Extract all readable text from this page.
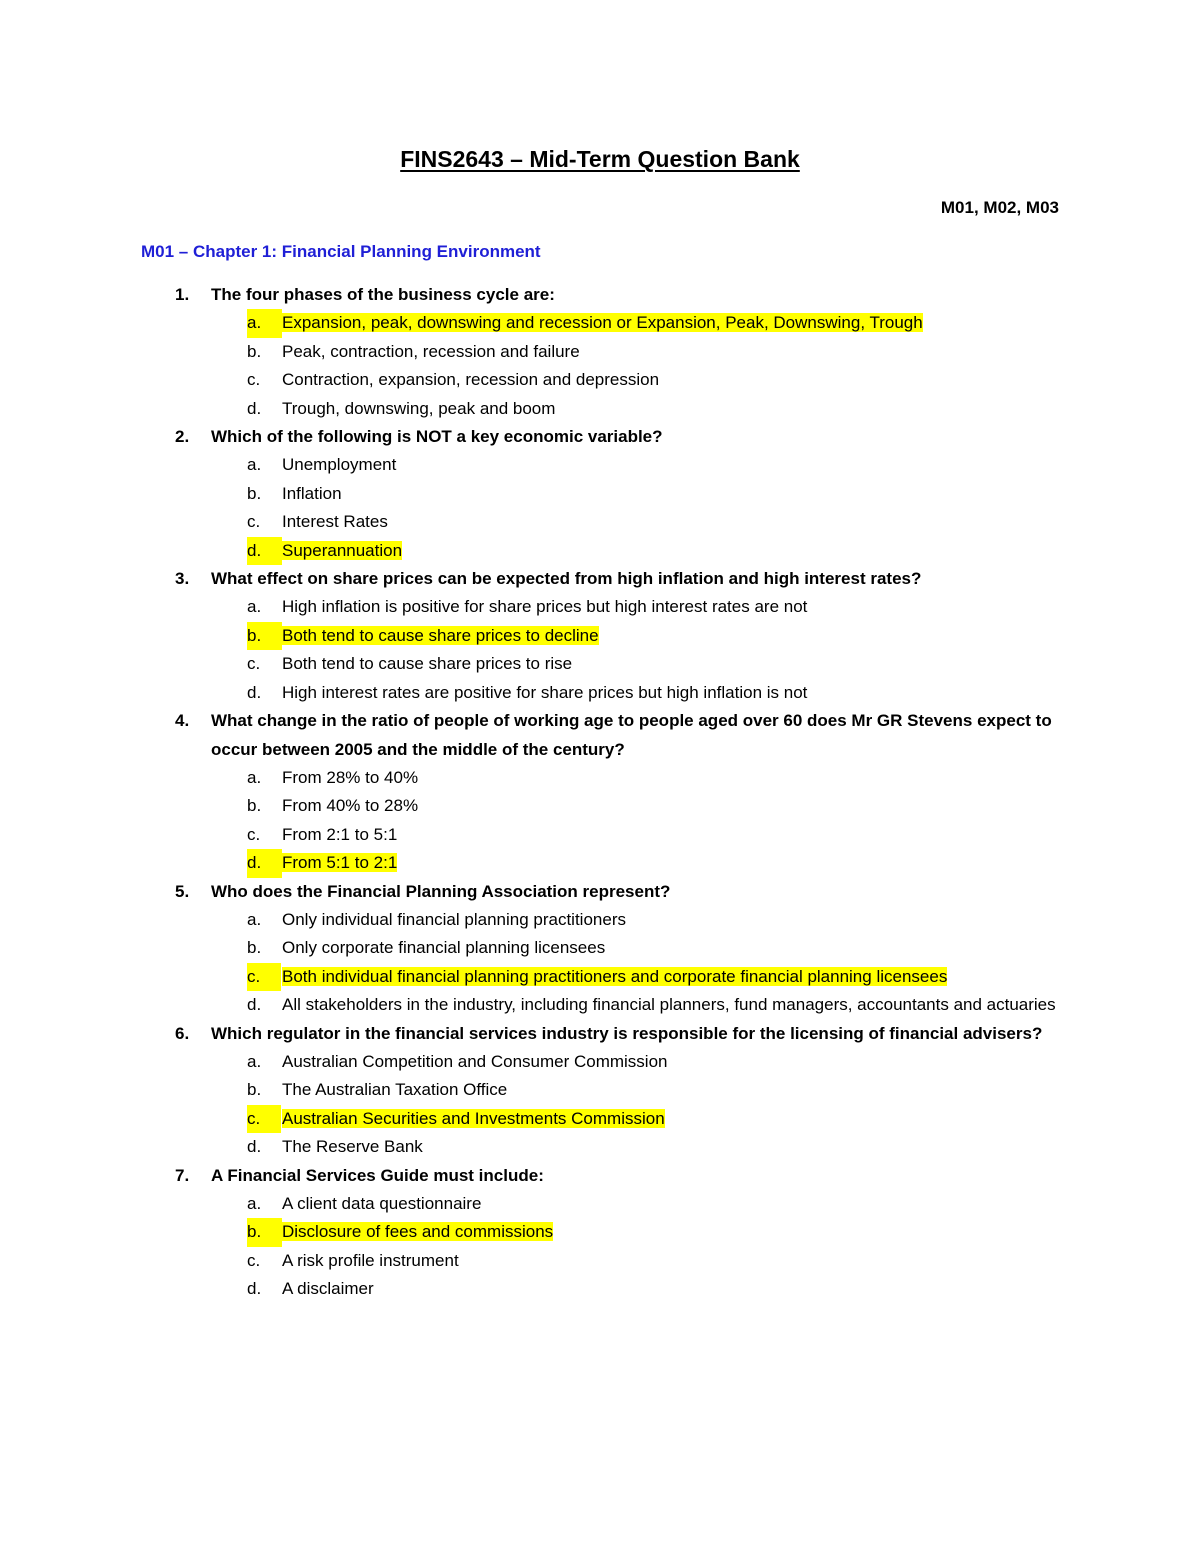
FINS2643 – Mid-Term Question Bank
M01, M02, M03
M01 – Chapter 1: Financial Planning Environment
1. The four phases of the business cycle are:
a.	Expansion, peak, downswing and recession or Expansion, Peak, Downswing, Trough
b. Peak, contraction, recession and failure
c. Contraction, expansion, recession and depression
d. Trough, downswing, peak and boom
2. Which of the following is NOT a key economic variable?
a. Unemployment
b. Inflation
c. Interest Rates
d.	Superannuation
3. What effect on share prices can be expected from high inflation and high interest rates?
a. High inflation is positive for share prices but high interest rates are not
b.	Both tend to cause share prices to decline
c. Both tend to cause share prices to rise
d. High interest rates are positive for share prices but high inflation is not
4. What change in the ratio of people of working age to people aged over 60 does Mr GR Stevens expect to occur between 2005 and the middle of the century?
a. From 28% to 40%
b. From 40% to 28%
c. From 2:1 to 5:1
d.	From 5:1 to 2:1
5. Who does the Financial Planning Association represent?
a. Only individual financial planning practitioners
b. Only corporate financial planning licensees
c.	Both individual financial planning practitioners and corporate financial planning licensees
d. All stakeholders in the industry, including financial planners, fund managers, accountants and actuaries
6. Which regulator in the financial services industry is responsible for the licensing of financial advisers?
a. Australian Competition and Consumer Commission
b. The Australian Taxation Office
c.	Australian Securities and Investments Commission
d. The Reserve Bank
7. A Financial Services Guide must include:
a. A client data questionnaire
b.	Disclosure of fees and commissions
c. A risk profile instrument
d. A disclaimer
